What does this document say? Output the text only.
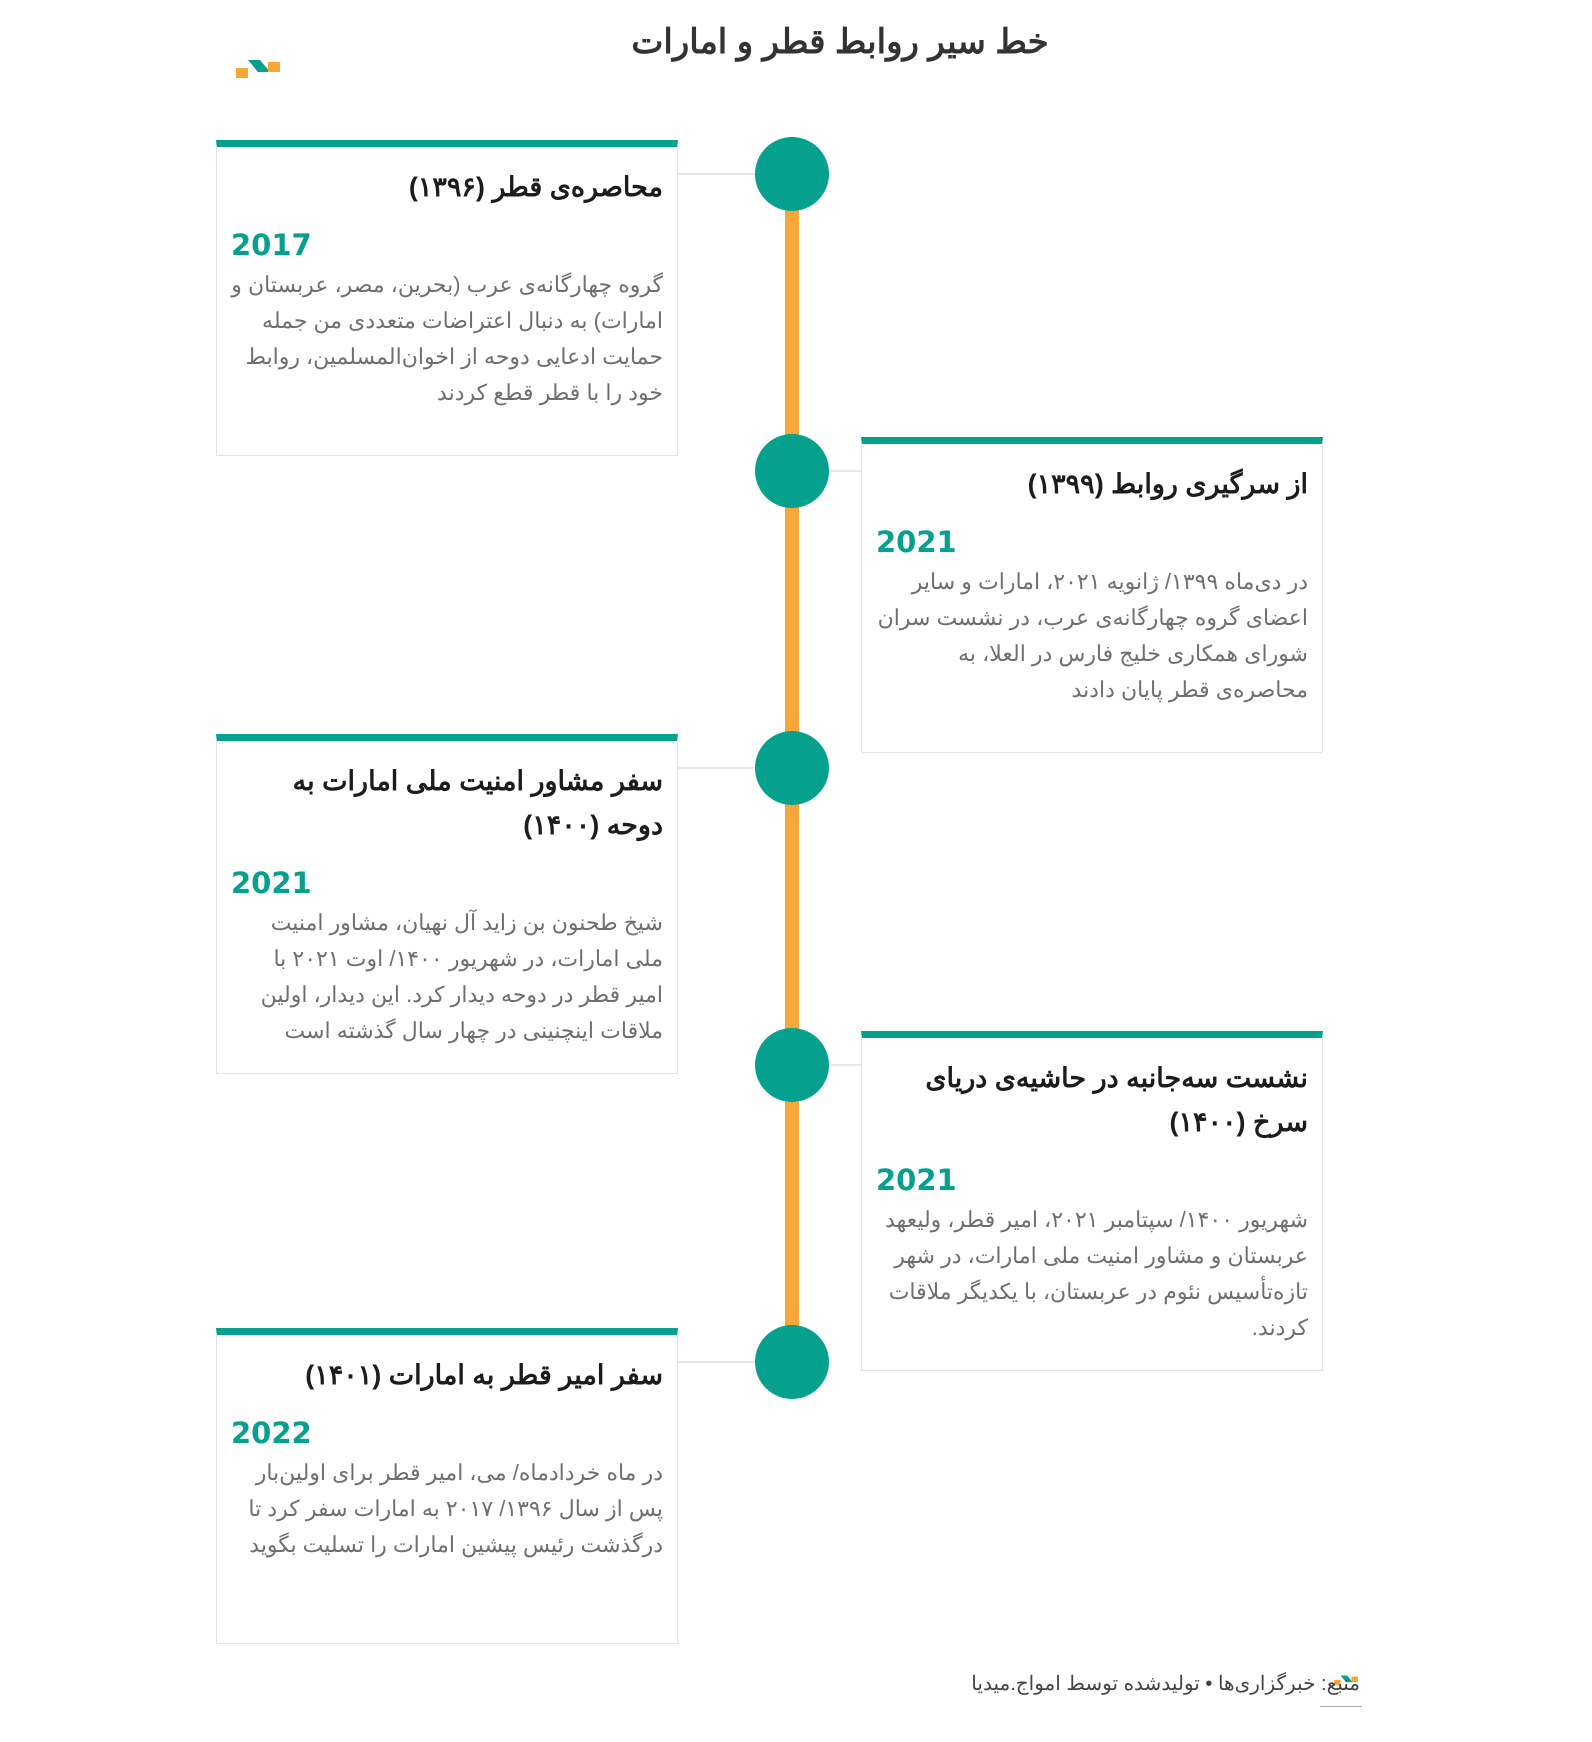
خط سیر روابط قطر و امارات
محاصره‌ی قطر (۱۳۹۶)
2017
گروه چهارگانه‌ی عرب (بحرین، مصر، عربستان و امارات) به دنبال اعتراضات متعددی من جمله حمایت ادعایی دوحه از اخوان‌المسلمین، روابط خود را با قطر قطع کردند
از سرگیری روابط (۱۳۹۹)
2021
در دی‌ماه ۱۳۹۹/ ژانویه ۲۰۲۱، امارات و سایر اعضای گروه چهارگانه‌ی عرب، در نشست سران شورای همکاری خلیج فارس در العلا، به محاصره‌ی قطر پایان دادند
سفر مشاور امنیت ملی امارات به دوحه (۱۴۰۰)
2021
شیخ طحنون بن زاید آل نهیان، مشاور امنیت ملی امارات، در شهریور ۱۴۰۰/ اوت ۲۰۲۱ با امیر قطر در دوحه دیدار کرد. این دیدار، اولین ملاقات اینچنینی در چهار سال گذشته است
نشست سه‌جانبه در حاشیه‌ی دریای سرخ (۱۴۰۰)
2021
شهریور ۱۴۰۰/ سپتامبر ۲۰۲۱، امیر قطر، ولیعهد عربستان و مشاور امنیت ملی امارات، در شهر تازه‌تأسیس نئوم در عربستان، با یکدیگر ملاقات کردند.
سفر امیر قطر به امارات (۱۴۰۱)
2022
در ماه خردادماه/ می، امیر قطر برای اولین‌بار پس از سال ۱۳۹۶/ ۲۰۱۷ به امارات سفر کرد تا درگذشت رئیس پیشین امارات را تسلیت بگوید
منبع: خبرگزاری‌ها • تولیدشده توسط امواج.میدیا
